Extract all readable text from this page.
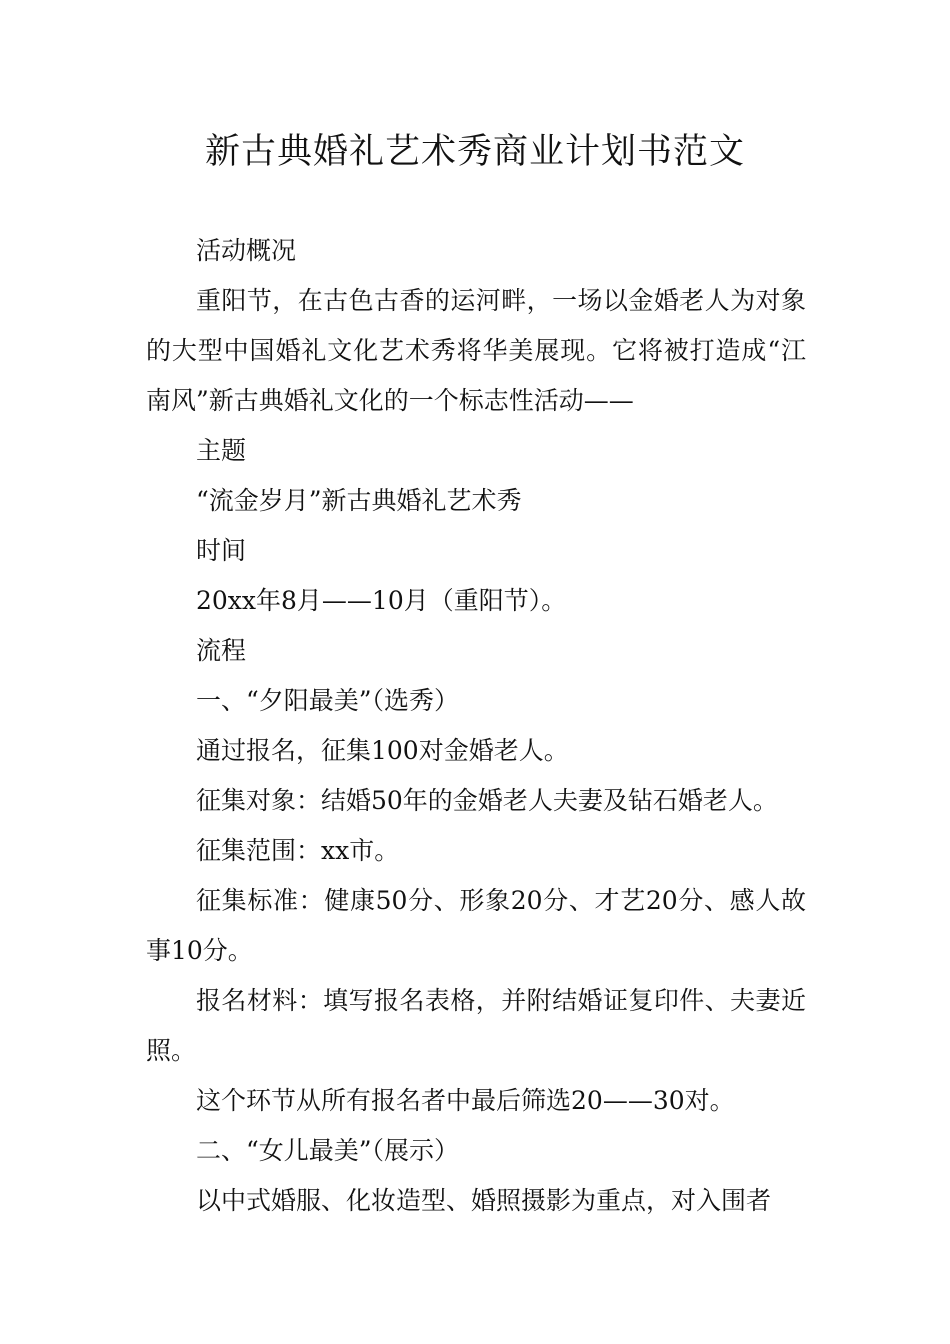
新古典婚礼艺术秀商业计划书范文

活动概况

重阳节，在古色古香的运河畔，一场以金婚老人为对象的大型中国婚礼文化艺术秀将华美展现。它将被打造成“江南风”新古典婚礼文化的一个标志性活动——

主题

“流金岁月”新古典婚礼艺术秀

时间

20xx年8月——10月（重阳节）。

流程

一、“夕阳最美”（选秀）

通过报名，征集100对金婚老人。

征集对象：结婚50年的金婚老人夫妻及钻石婚老人。

征集范围：xx市。

征集标准：健康50分、形象20分、才艺20分、感人故事10分。

报名材料：填写报名表格，并附结婚证复印件、夫妻近照。

这个环节从所有报名者中最后筛选20——30对。

二、“女儿最美”（展示）

以中式婚服、化妆造型、婚照摄影为重点，对入围者
